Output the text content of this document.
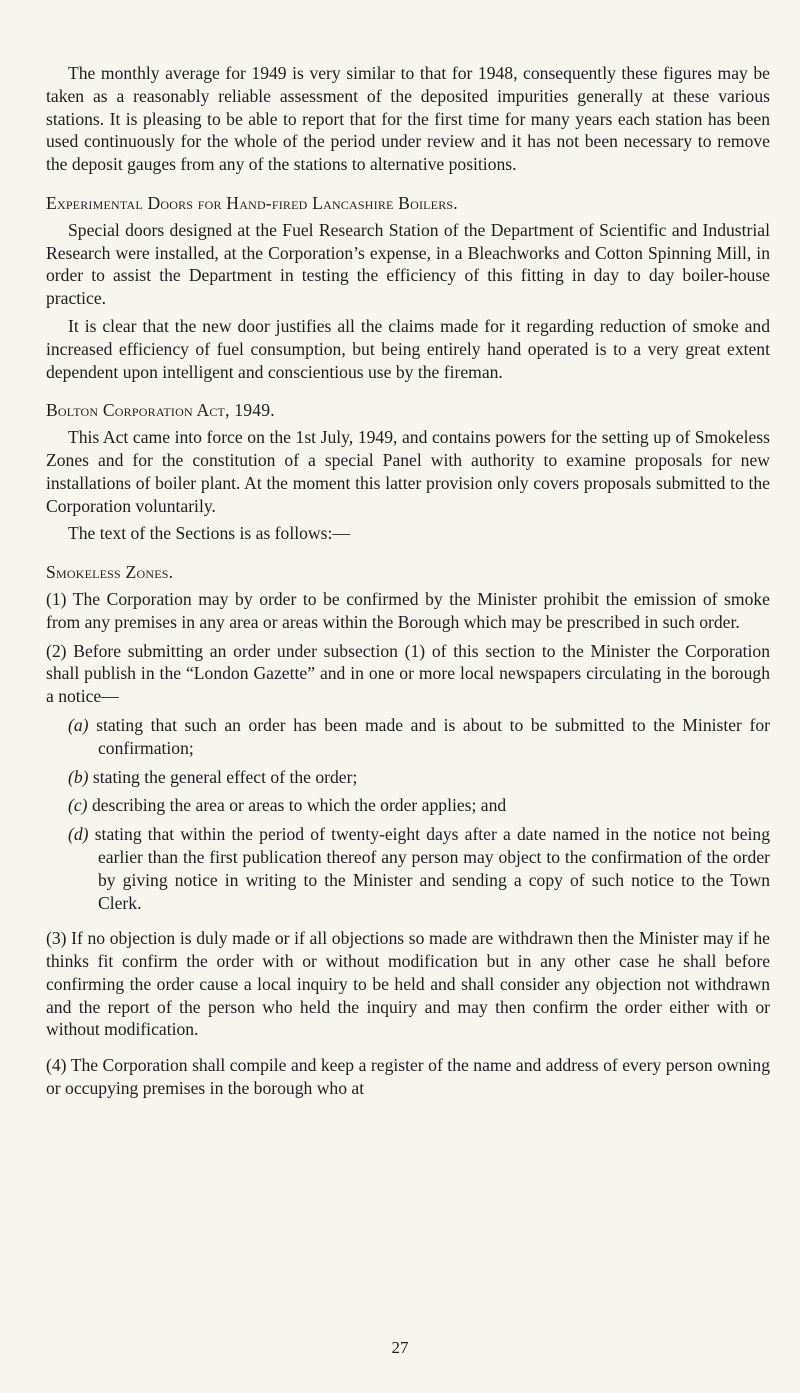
The monthly average for 1949 is very similar to that for 1948, consequently these figures may be taken as a reasonably reliable assessment of the deposited impurities generally at these various stations. It is pleasing to be able to report that for the first time for many years each station has been used continuously for the whole of the period under review and it has not been necessary to remove the deposit gauges from any of the stations to alternative positions.

Experimental Doors for Hand-fired Lancashire Boilers.

Special doors designed at the Fuel Research Station of the Department of Scientific and Industrial Research were installed, at the Corporation’s expense, in a Bleachworks and Cotton Spinning Mill, in order to assist the Department in testing the efficiency of this fitting in day to day boiler-house practice.

It is clear that the new door justifies all the claims made for it regarding reduction of smoke and increased efficiency of fuel consumption, but being entirely hand operated is to a very great extent dependent upon intelligent and conscientious use by the fireman.

Bolton Corporation Act, 1949.

This Act came into force on the 1st July, 1949, and contains powers for the setting up of Smokeless Zones and for the constitution of a special Panel with authority to examine proposals for new installations of boiler plant. At the moment this latter provision only covers proposals submitted to the Corporation voluntarily.

The text of the Sections is as follows:—

Smokeless Zones.

(1) The Corporation may by order to be confirmed by the Minister prohibit the emission of smoke from any premises in any area or areas within the Borough which may be prescribed in such order.

(2) Before submitting an order under subsection (1) of this section to the Minister the Corporation shall publish in the “London Gazette” and in one or more local newspapers circulating in the borough a notice—

(a) stating that such an order has been made and is about to be submitted to the Minister for confirmation;

(b) stating the general effect of the order;

(c) describing the area or areas to which the order applies; and

(d) stating that within the period of twenty-eight days after a date named in the notice not being earlier than the first publication thereof any person may object to the confirmation of the order by giving notice in writing to the Minister and sending a copy of such notice to the Town Clerk.

(3) If no objection is duly made or if all objections so made are withdrawn then the Minister may if he thinks fit confirm the order with or without modification but in any other case he shall before confirming the order cause a local inquiry to be held and shall consider any objection not withdrawn and the report of the person who held the inquiry and may then confirm the order either with or without modification.

(4) The Corporation shall compile and keep a register of the name and address of every person owning or occupying premises in the borough who at

27
